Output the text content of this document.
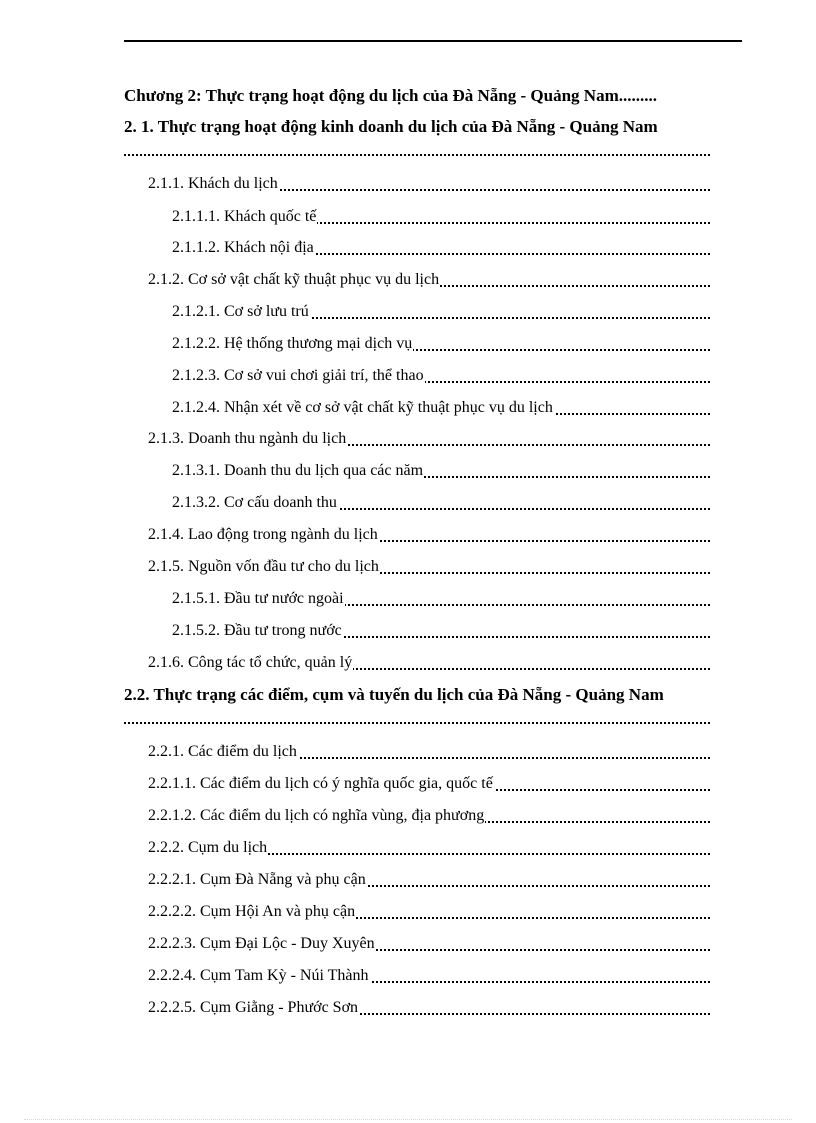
Chương 2: Thực trạng hoạt động du lịch của Đà Nẵng - Quảng Nam.........
2. 1. Thực trạng hoạt động kinh doanh du lịch của Đà Nẵng - Quảng Nam
2.1.1. Khách du lịch
2.1.1.1. Khách quốc tế
2.1.1.2. Khách nội địa
2.1.2. Cơ sở vật chất kỹ thuật phục vụ du lịch
2.1.2.1. Cơ sở lưu trú
2.1.2.2. Hệ thống thương mại dịch vụ
2.1.2.3. Cơ sở vui chơi giải trí, thể thao
2.1.2.4. Nhận xét về cơ sở vật chất kỹ thuật phục vụ du lịch
2.1.3. Doanh thu ngành du lịch
2.1.3.1. Doanh thu du lịch qua các năm
2.1.3.2. Cơ cấu doanh thu
2.1.4. Lao động trong ngành du lịch
2.1.5. Nguồn vốn đầu tư cho du lịch
2.1.5.1. Đầu tư nước ngoài
2.1.5.2. Đầu tư trong nước
2.1.6. Công tác tổ chức, quản lý
2.2. Thực trạng các điểm, cụm và tuyến du lịch của Đà Nẵng - Quảng Nam
2.2.1. Các điểm du lịch
2.2.1.1. Các điểm du lịch có ý nghĩa quốc gia, quốc tế
2.2.1.2. Các điểm du lịch có nghĩa vùng, địa phương
2.2.2. Cụm du lịch
2.2.2.1. Cụm Đà Nẵng và phụ cận
2.2.2.2. Cụm Hội An và phụ cận
2.2.2.3. Cụm Đại Lộc - Duy Xuyên
2.2.2.4. Cụm Tam Kỳ - Núi Thành
2.2.2.5. Cụm Giằng - Phước Sơn
